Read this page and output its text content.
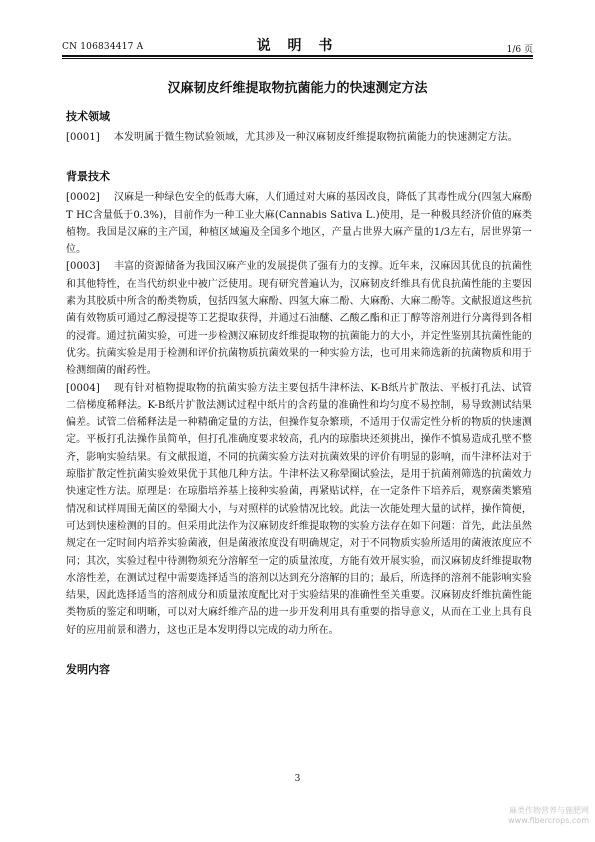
CN 106834417 A	说 明 书	1/6 页
汉麻韧皮纤维提取物抗菌能力的快速测定方法
技术领域

[0001] 本发明属于微生物试验领域，尤其涉及一种汉麻韧皮纤维提取物抗菌能力的快速测定方法。

背景技术

[0002] 汉麻是一种绿色安全的低毒大麻，人们通过对大麻的基因改良，降低了其毒性成分(四氢大麻酚T HC含量低于0.3%)，目前作为一种工业大麻(Cannabis Sativa L.)使用，是一种极具经济价值的麻类植物。我国是汉麻的主产国，种植区域遍及全国多个地区，产量占世界大麻产量的1/3左右，居世界第一位。

[0003] 丰富的资源储备为我国汉麻产业的发展提供了强有力的支撑。近年来，汉麻因其优良的抗菌性和其他特性，在当代纺织业中被广泛使用。现有研究普遍认为，汉麻韧皮纤维具有优良抗菌性能的主要因素为其胶质中所含的酚类物质，包括四氢大麻酚、四氢大麻二酚、大麻酚、大麻二酚等。文献报道这些抗菌有效物质可通过乙醇浸提等工艺提取获得，并通过石油醚、乙酸乙酯和正丁醇等溶剂进行分离得到各相的浸膏。通过抗菌实验，可进一步检测汉麻韧皮纤维提取物的抗菌能力的大小，并定性鉴别其抗菌性能的优劣。抗菌实验是用于检测和评价抗菌物质抗菌效果的一种实验方法，也可用来筛选新的抗菌物质和用于检测细菌的耐药性。

[0004] 现有针对植物提取物的抗菌实验方法主要包括牛津杯法、K-B纸片扩散法、平板打孔法、试管二倍梯度稀释法。K-B纸片扩散法测试过程中纸片的含药量的准确性和均匀度不易控制，易导致测试结果偏差。试管二倍稀释法是一种精确定量的方法，但操作复杂繁琐，不适用于仅需定性分析的物质的快速测定。平板打孔法操作虽简单，但打孔准确度要求较高，孔内的琼脂块还须挑出，操作不慎易造成孔壁不整齐，影响实验结果。有文献报道，不同的抗菌实验方法对抗菌效果的评价有明显的影响，而牛津杯法对于琼脂扩散定性抗菌实验效果优于其他几种方法。牛津杯法又称晕圈试验法，是用于抗菌剂筛选的抗菌效力快速定性方法。原理是：在琼脂培养基上接种实验菌，再紧贴试样，在一定条件下培养后，观察菌类繁殖情况和试样周围无菌区的晕圈大小，与对照样的试验情况比较。此法一次能处理大量的试样，操作简便，可达到快速检测的目的。但采用此法作为汉麻韧皮纤维提取物的实验方法存在如下问题：首先，此法虽然规定在一定时间内培养实验菌液，但是菌液浓度没有明确规定，对于不同物质实验所适用的菌液浓度应不同；其次，实验过程中待测物须充分溶解至一定的质量浓度，方能有效开展实验，而汉麻韧皮纤维提取物水溶性差，在测试过程中需要选择适当的溶剂以达到充分溶解的目的；最后，所选择的溶剂不能影响实验结果，因此选择适当的溶剂成分和质量浓度配比对于实验结果的准确性至关重要。汉麻韧皮纤维抗菌性能类物质的鉴定和明晰，可以对大麻纤维产品的进一步开发利用具有重要的指导意义，从而在工业上具有良好的应用前景和潜力，这也正是本发明得以完成的动力所在。

发明内容
3
麻类作物营养与施肥网
www.fibercrops.com
